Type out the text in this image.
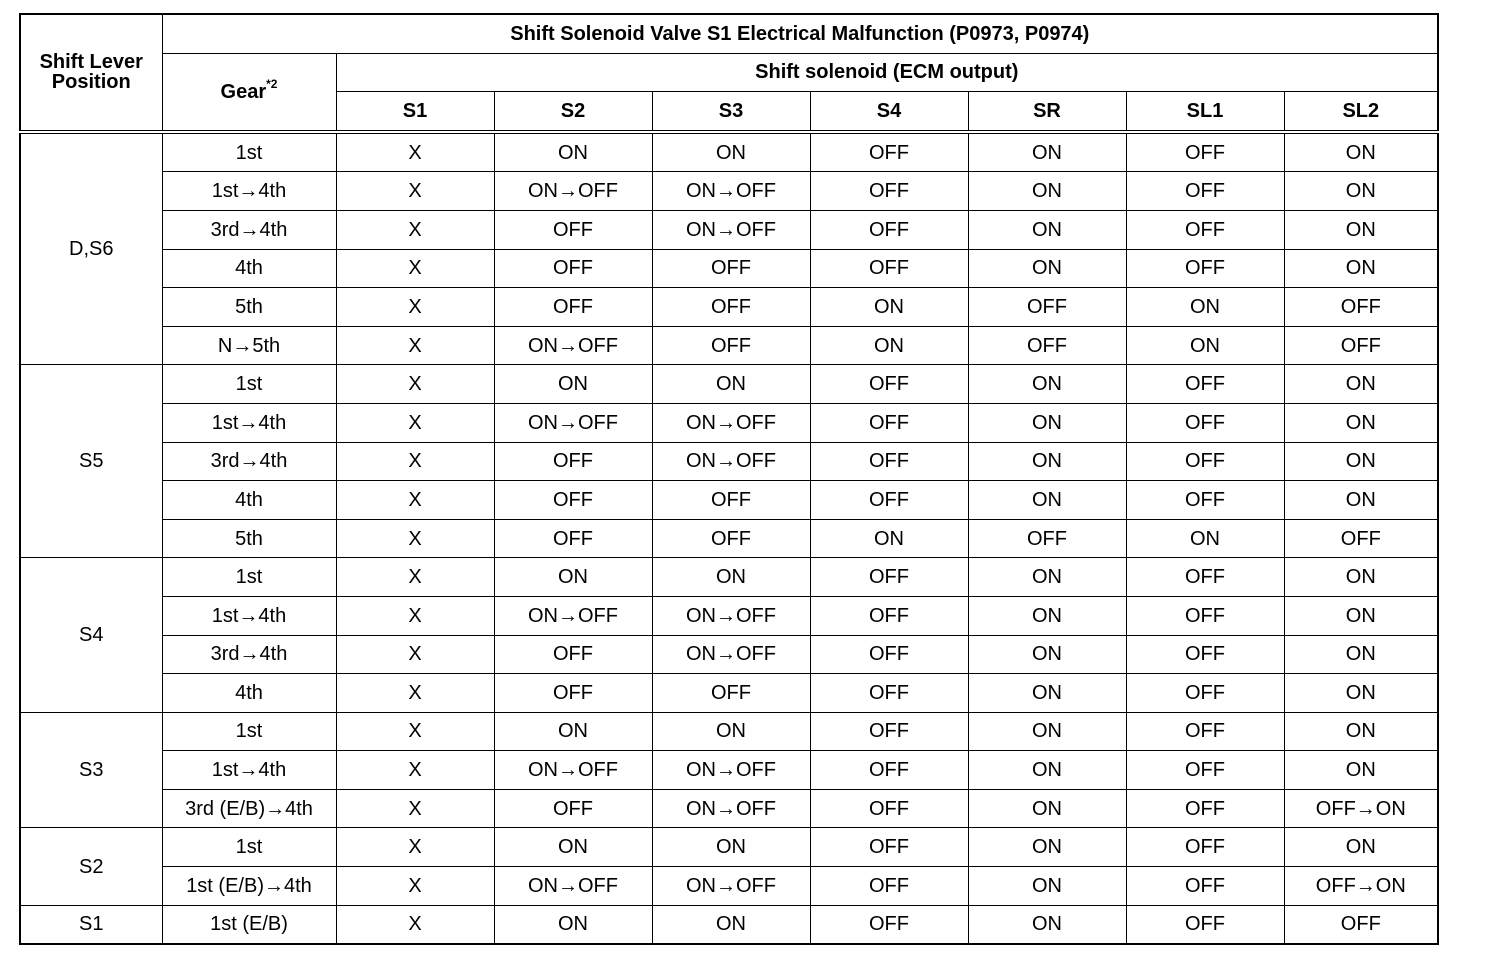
Shift Lever Position	Shift Solenoid Valve S1 Electrical Malfunction (P0973, P0974)							
	Gear$^{*2}$	Shift solenoid (ECM output)						
		S1	S2	S3	S4	SR	SL1	SL2
D,S6	1st	X	ON	ON	OFF	ON	OFF	ON
	1st→4th	X	ON→OFF	ON→OFF	OFF	ON	OFF	ON
	3rd→4th	X	OFF	ON→OFF	OFF	ON	OFF	ON
	4th	X	OFF	OFF	OFF	ON	OFF	ON
	5th	X	OFF	OFF	ON	OFF	ON	OFF
	N→5th	X	ON→OFF	OFF	ON	OFF	ON	OFF
S5	1st	X	ON	ON	OFF	ON	OFF	ON
	1st→4th	X	ON→OFF	ON→OFF	OFF	ON	OFF	ON
	3rd→4th	X	OFF	ON→OFF	OFF	ON	OFF	ON
	4th	X	OFF	OFF	OFF	ON	OFF	ON
	5th	X	OFF	OFF	ON	OFF	ON	OFF
S4	1st	X	ON	ON	OFF	ON	OFF	ON
	1st→4th	X	ON→OFF	ON→OFF	OFF	ON	OFF	ON
	3rd→4th	X	OFF	ON→OFF	OFF	ON	OFF	ON
	4th	X	OFF	OFF	OFF	ON	OFF	ON
S3	1st	X	ON	ON	OFF	ON	OFF	ON
	1st→4th	X	ON→OFF	ON→OFF	OFF	ON	OFF	ON
	3rd (E/B)→4th	X	OFF	ON→OFF	OFF	ON	OFF	OFF→ON
S2	1st	X	ON	ON	OFF	ON	OFF	ON
	1st (E/B)→4th	X	ON→OFF	ON→OFF	OFF	ON	OFF	OFF→ON
S1	1st (E/B)	X	ON	ON	OFF	ON	OFF	OFF
